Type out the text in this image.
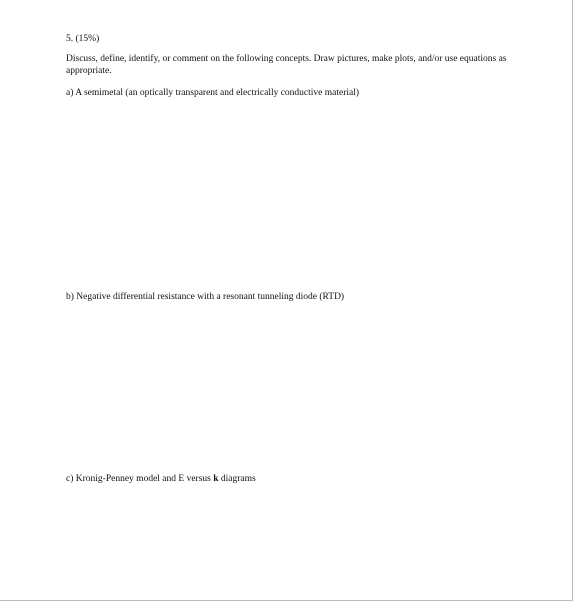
5. (15%)
Discuss, define, identify, or comment on the following concepts. Draw pictures, make plots, and/or use equations as appropriate.
a) A semimetal (an optically transparent and electrically conductive material)
b) Negative differential resistance with a resonant tunneling diode (RTD)
c) Kronig-Penney model and E versus k diagrams
